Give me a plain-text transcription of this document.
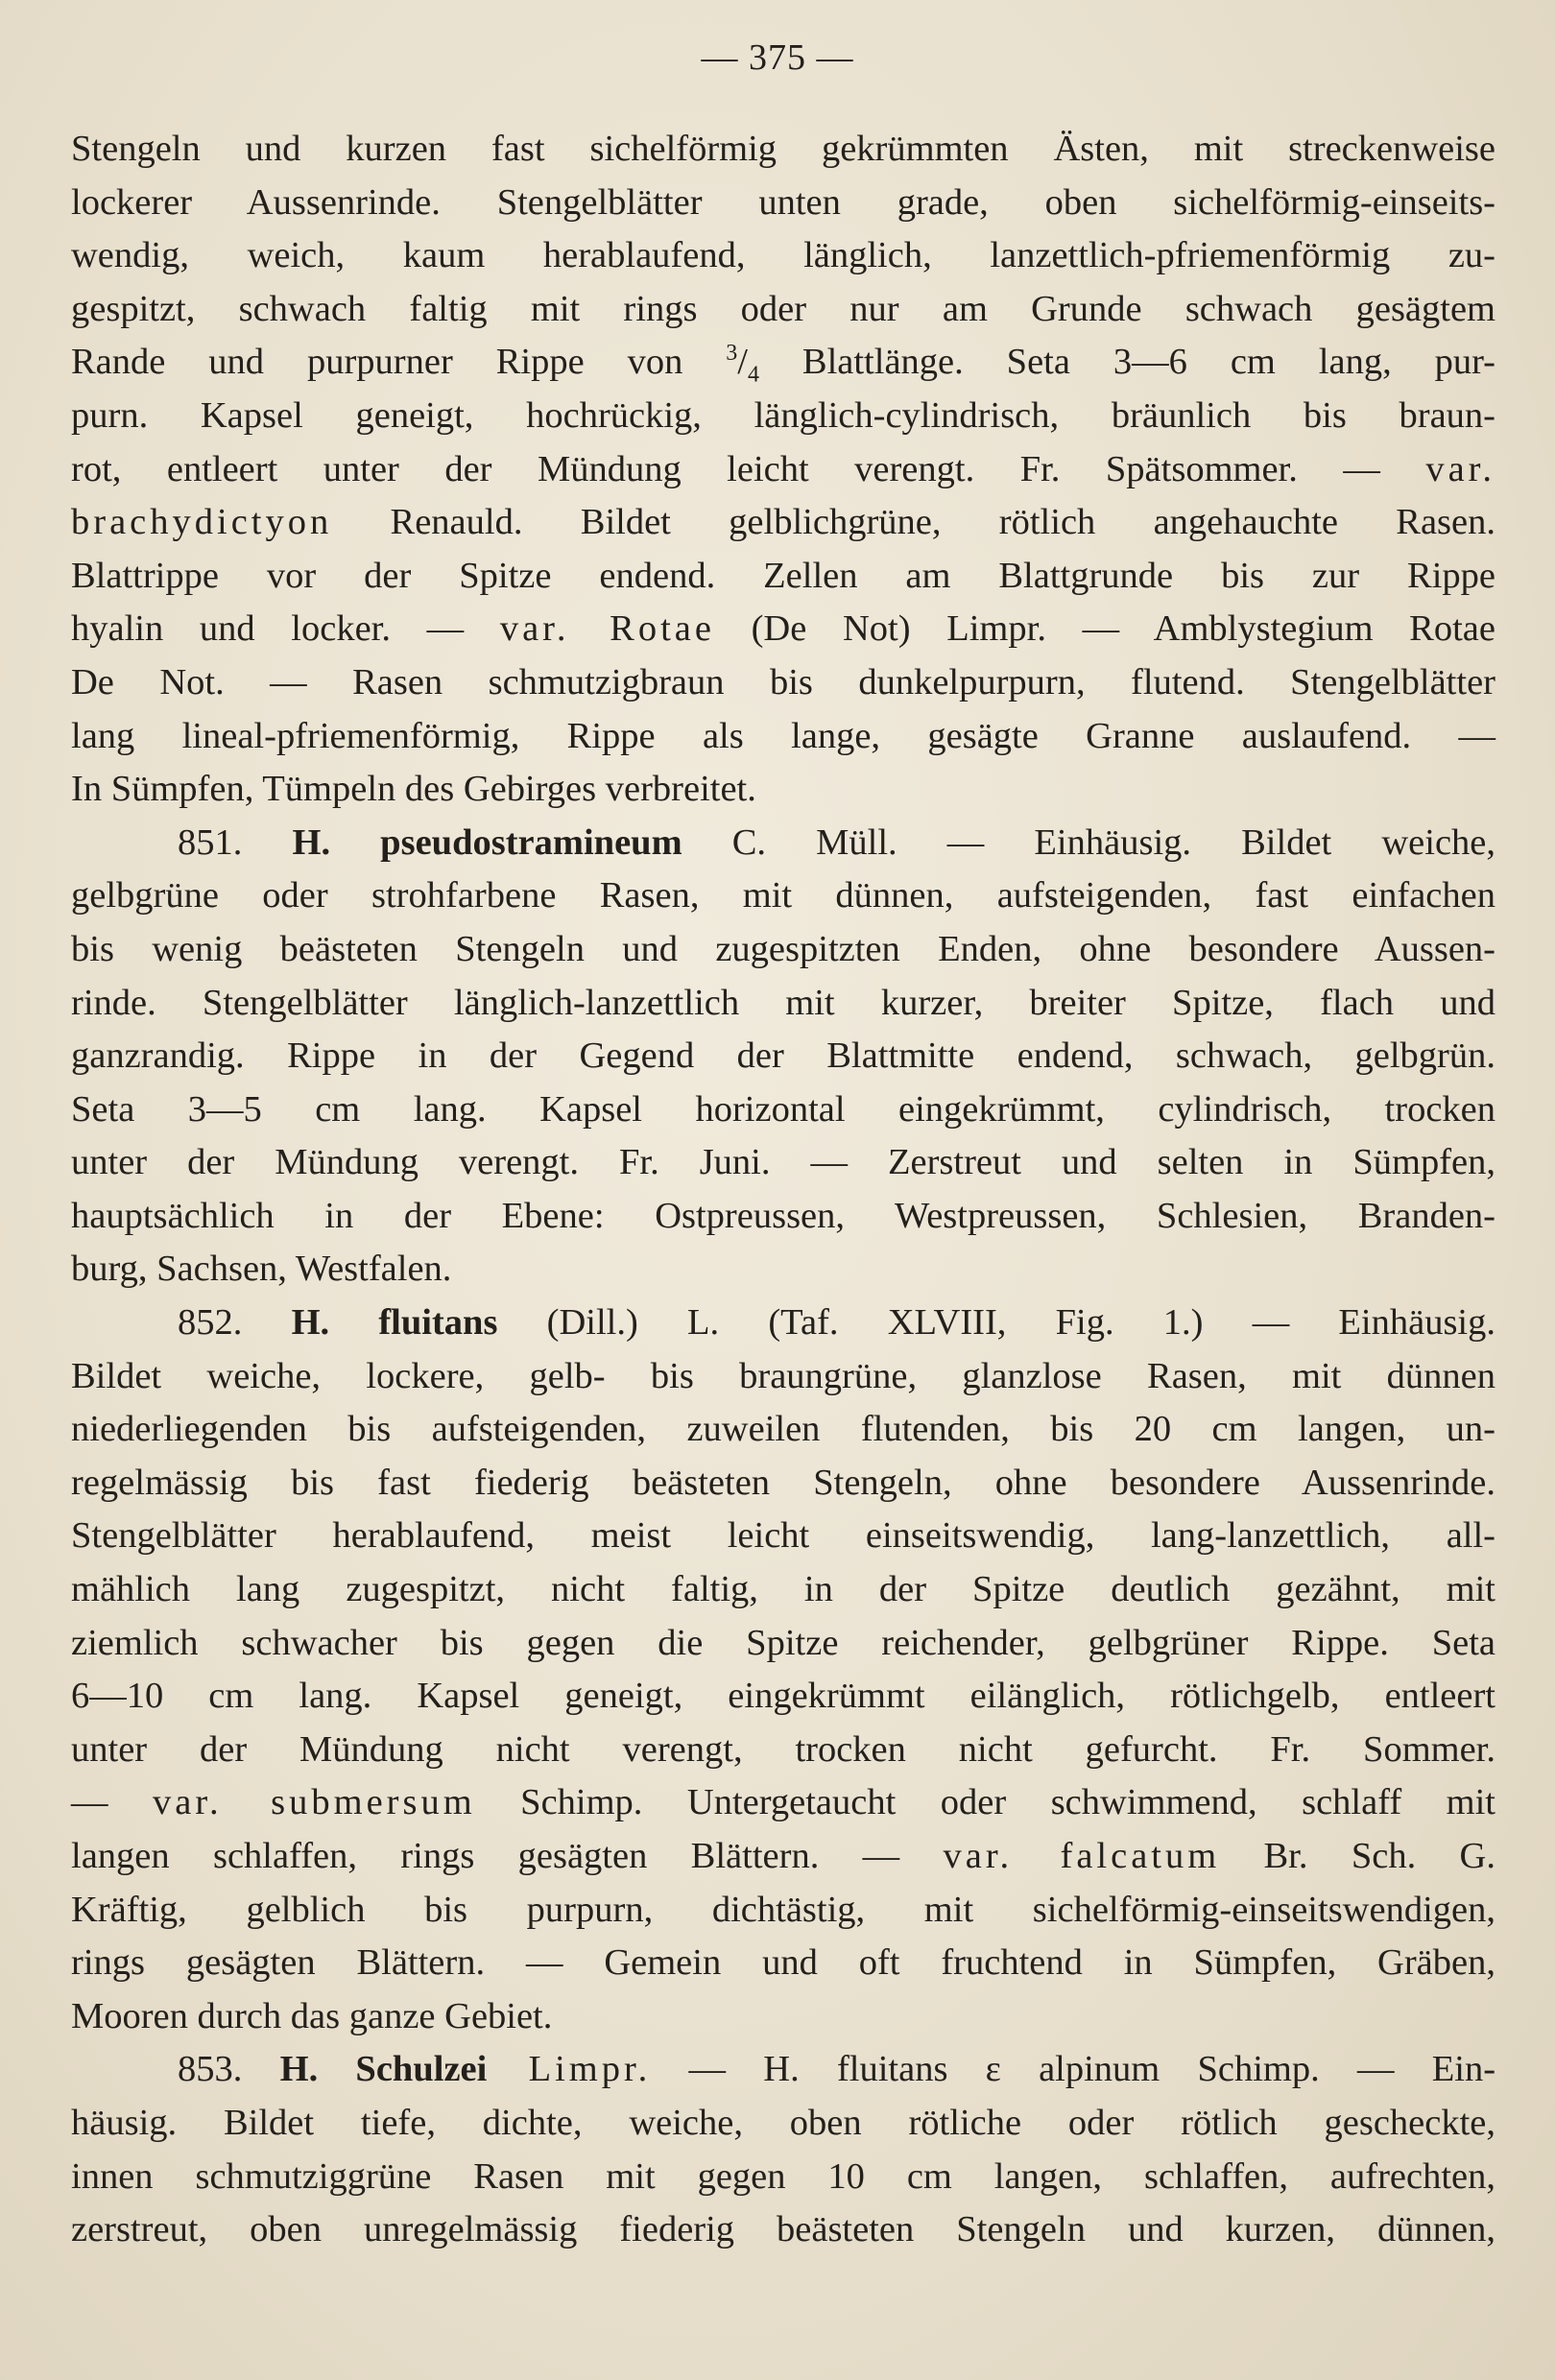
— 375 —
Stengeln und kurzen fast sichelförmig gekrümmten Ästen, mit streckenweise
lockerer Aussenrinde. Stengelblätter unten grade, oben sichelförmig-einseits-
wendig, weich, kaum herablaufend, länglich, lanzettlich-pfriemenförmig zu-
gespitzt, schwach faltig mit rings oder nur am Grunde schwach gesägtem
Rande und purpurner Rippe von $^3/_4$ Blattlänge. Seta 3—6 cm lang, pur-
purn. Kapsel geneigt, hochrückig, länglich-cylindrisch, bräunlich bis braun-
rot, entleert unter der Mündung leicht verengt. Fr. Spätsommer. — var.
brachydictyon Renauld. Bildet gelblichgrüne, rötlich angehauchte Rasen.
Blattrippe vor der Spitze endend. Zellen am Blattgrunde bis zur Rippe
hyalin und locker. — var. Rotae (De Not) Limpr. — Amblystegium Rotae
De Not. — Rasen schmutzigbraun bis dunkelpurpurn, flutend. Stengelblätter
lang lineal-pfriemenförmig, Rippe als lange, gesägte Granne auslaufend. —
In Sümpfen, Tümpeln des Gebirges verbreitet.
851. H. pseudostramineum C. Müll. — Einhäusig. Bildet weiche,
gelbgrüne oder strohfarbene Rasen, mit dünnen, aufsteigenden, fast einfachen
bis wenig beästeten Stengeln und zugespitzten Enden, ohne besondere Aussen-
rinde. Stengelblätter länglich-lanzettlich mit kurzer, breiter Spitze, flach und
ganzrandig. Rippe in der Gegend der Blattmitte endend, schwach, gelbgrün.
Seta 3—5 cm lang. Kapsel horizontal eingekrümmt, cylindrisch, trocken
unter der Mündung verengt. Fr. Juni. — Zerstreut und selten in Sümpfen,
hauptsächlich in der Ebene: Ostpreussen, Westpreussen, Schlesien, Branden-
burg, Sachsen, Westfalen.
852. H. fluitans (Dill.) L. (Taf. XLVIII, Fig. 1.) — Einhäusig.
Bildet weiche, lockere, gelb- bis braungrüne, glanzlose Rasen, mit dünnen
niederliegenden bis aufsteigenden, zuweilen flutenden, bis 20 cm langen, un-
regelmässig bis fast fiederig beästeten Stengeln, ohne besondere Aussenrinde.
Stengelblätter herablaufend, meist leicht einseitswendig, lang-lanzettlich, all-
mählich lang zugespitzt, nicht faltig, in der Spitze deutlich gezähnt, mit
ziemlich schwacher bis gegen die Spitze reichender, gelbgrüner Rippe. Seta
6—10 cm lang. Kapsel geneigt, eingekrümmt eilänglich, rötlichgelb, entleert
unter der Mündung nicht verengt, trocken nicht gefurcht. Fr. Sommer.
— var. submersum Schimp. Untergetaucht oder schwimmend, schlaff mit
langen schlaffen, rings gesägten Blättern. — var. falcatum Br. Sch. G.
Kräftig, gelblich bis purpurn, dichtästig, mit sichelförmig-einseitswendigen,
rings gesägten Blättern. — Gemein und oft fruchtend in Sümpfen, Gräben,
Mooren durch das ganze Gebiet.
853. H. Schulzei Limpr. — H. fluitans ε alpinum Schimp. — Ein-
häusig. Bildet tiefe, dichte, weiche, oben rötliche oder rötlich gescheckte,
innen schmutziggrüne Rasen mit gegen 10 cm langen, schlaffen, aufrechten,
zerstreut, oben unregelmässig fiederig beästeten Stengeln und kurzen, dünnen,
